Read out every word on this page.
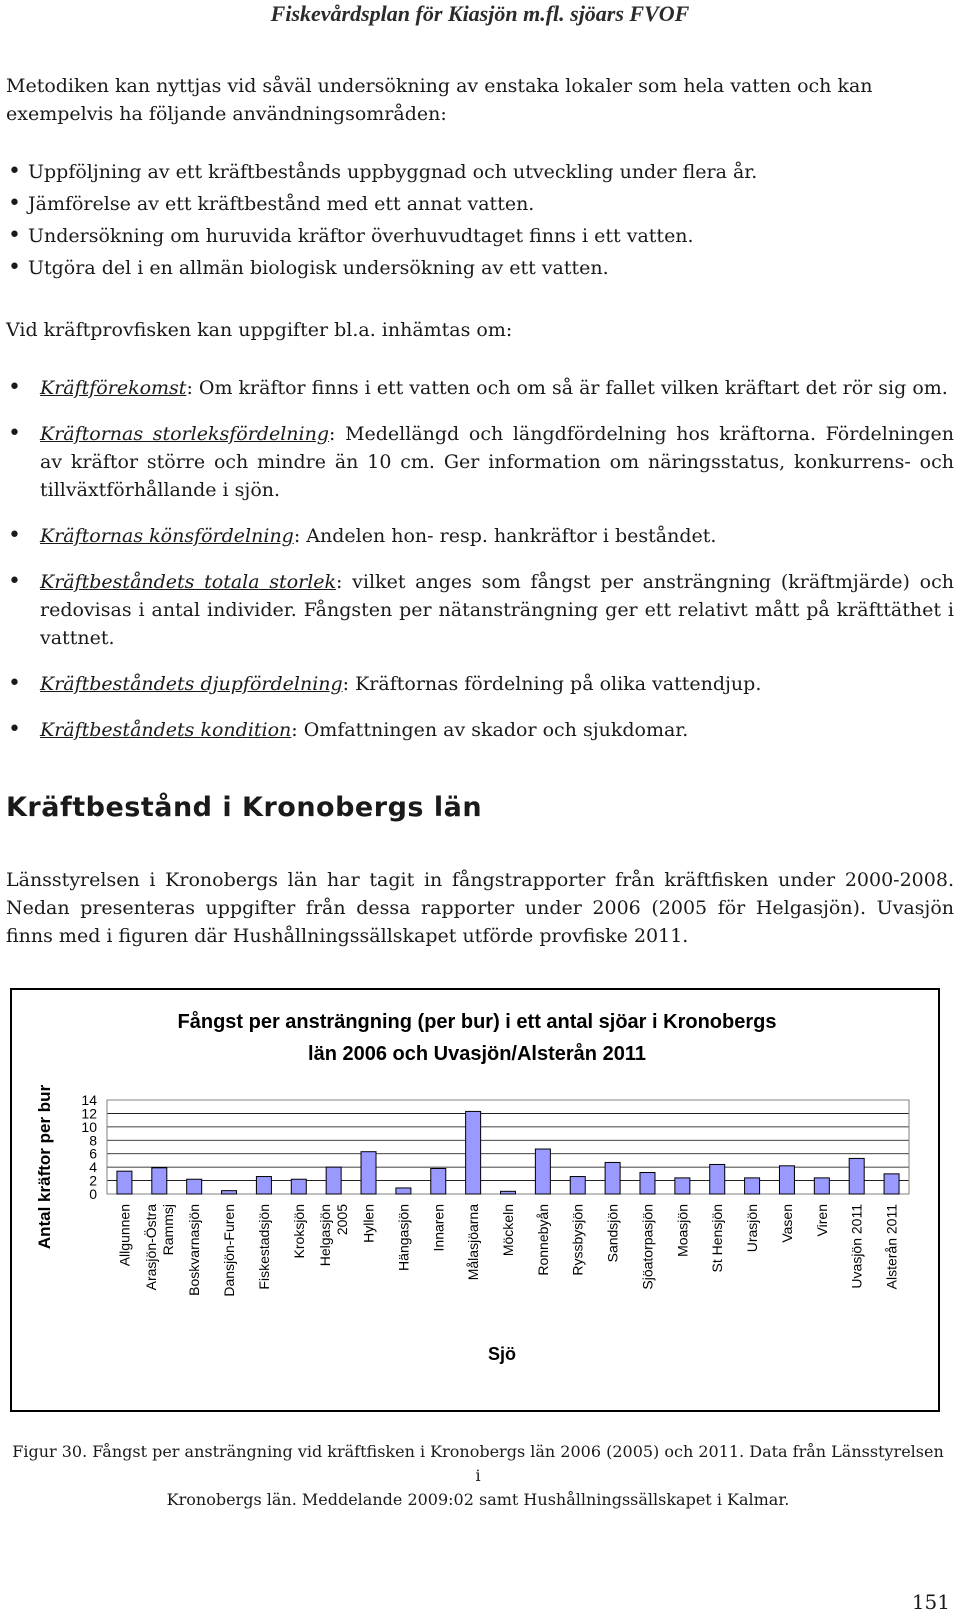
Fiskevårdsplan för Kiasjön m.fl. sjöars FVOF
Metodiken kan nyttjas vid såväl undersökning av enstaka lokaler som hela vatten och kan exempelvis ha följande användningsområden:
• Uppföljning av ett kräftbestånds uppbyggnad och utveckling under flera år.
• Jämförelse av ett kräftbestånd med ett annat vatten.
• Undersökning om huruvida kräftor överhuvudtaget finns i ett vatten.
• Utgöra del i en allmän biologisk undersökning av ett vatten.
Vid kräftprovfisken kan uppgifter bl.a. inhämtas om:
• Kräftförekomst: Om kräftor finns i ett vatten och om så är fallet vilken kräftart det rör sig om.
• Kräftornas storleksfördelning: Medellängd och längdfördelning hos kräftorna. Fördelningen av kräftor större och mindre än 10 cm. Ger information om näringsstatus, konkurrens- och tillväxtförhållande i sjön.
• Kräftornas könsfördelning: Andelen hon- resp. hankräftor i beståndet.
• Kräftbeståndets totala storlek: vilket anges som fångst per ansträngning (kräftmjärde) och redovisas i antal individer. Fångsten per nätansträngning ger ett relativt mått på kräfttäthet i vattnet.
• Kräftbeståndets djupfördelning: Kräftornas fördelning på olika vattendjup.
• Kräftbeståndets kondition: Omfattningen av skador och sjukdomar.
Kräftbestånd i Kronobergs län
Länsstyrelsen i Kronobergs län har tagit in fångstrapporter från kräftfisken under 2000-2008. Nedan presenteras uppgifter från dessa rapporter under 2006 (2005 för Helgasjön). Uvasjön finns med i figuren där Hushållningssällskapet utförde provfiske 2011.
Fångst per ansträngning (per bur) i ett antal sjöar i Kronobergs
län 2006 och Uvasjön/Alsterån 2011
0
2
4
6
8
10
12
14
Antal kräftor per bur	Allgunnen Arasjön-Östra Rammsj Boskvarnasjön Dansjön-Furen Fiskestadsjön Kroksjön Helgasjön 2005 Hyllen Hängasjön Innaren Målasjöarna Möckeln Ronnebyån Ryssbysjön Sandsjön Sjöatorpasjön Moasjön St Hensjön Urasjön Vasen Viren Uvasjön 2011 Alsterån 2011
Sjö
Figur 30. Fångst per ansträngning vid kräftfisken i Kronobergs län 2006 (2005) och 2011. Data från Länsstyrelsen i
Kronobergs län. Meddelande 2009:02 samt Hushållningssällskapet i Kalmar.
151
